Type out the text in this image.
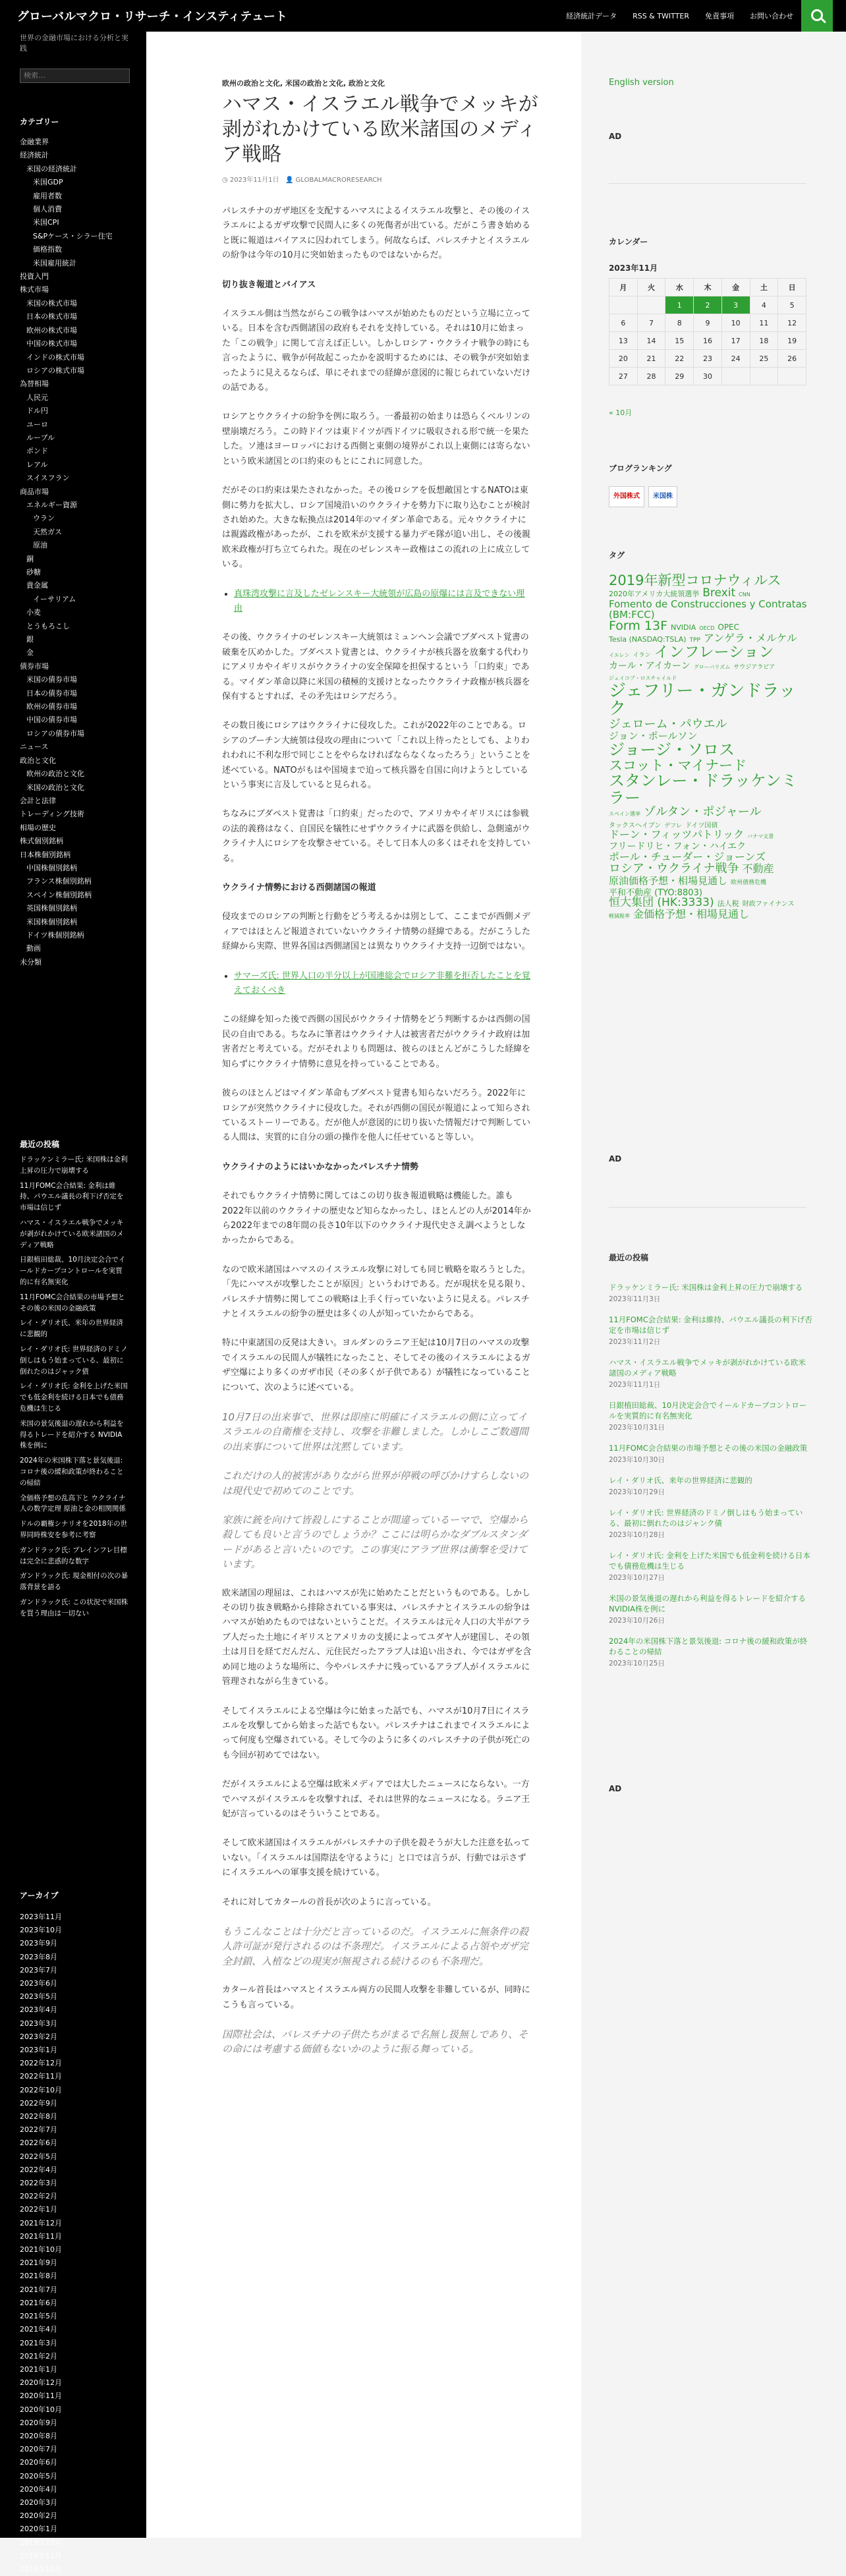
グローバルマクロ・リサーチ・インスティテュート	経済統計データ RSS & TWITTER 免責事項 お問い合わせ
世界の金融市場における分析と実践
検索…
カテゴリー
金融業界
経済統計
米国の経済統計
米国GDP
雇用者数
個人消費
米国CPI
S&Pケース・シラー住宅
価格指数
米国雇用統計
投資入門
株式市場
米国の株式市場
日本の株式市場
欧州の株式市場
中国の株式市場
インドの株式市場
ロシアの株式市場
為替相場
人民元
ドル円
ユーロ
ルーブル
ポンド
レアル
スイスフラン
商品市場
エネルギー資源
ウラン
天然ガス
原油
銅
砂糖
貴金属
イーサリアム
小麦
とうもろこし
銀
金
債券市場
米国の債券市場
日本の債券市場
欧州の債券市場
中国の債券市場
ロシアの債券市場
ニュース
政治と文化
欧州の政治と文化
米国の政治と文化
会計と法律
トレーディング技術
相場の歴史
株式個別銘柄
日本株個別銘柄
中国株個別銘柄
フランス株個別銘柄
スペイン株個別銘柄
英国株個別銘柄
米国株個別銘柄
ドイツ株個別銘柄
動画
未分類
最近の投稿
ドラッケンミラー氏: 米国株は金利上昇の圧力で崩壊する
11月FOMC会合結果: 金利は維持、パウエル議長の利下げ否定を市場は信じず
ハマス・イスラエル戦争でメッキが剥がれかけている欧米諸国のメディア戦略
日銀植田総裁、10月決定会合でイールドカーブコントロールを実質的に有名無実化
11月FOMC会合結果の市場予想とその後の米国の金融政策
レイ・ダリオ氏、米年の世界経済に悲観的
レイ・ダリオ氏: 世界経済のドミノ倒しはもう始まっている、最初に倒れたのはジャック債
レイ・ダリオ氏: 金利を上げた米国でも低金利を続ける日本でも債務危機は生じる
米国の景気後退の遅れから利益を得るトレードを紹介する NVIDIA株を例に
2024年の米国株下落と景気後退: コロナ後の緩和政策が終わることの帰結
全価格予想の乱高下と ウクライナ人の数学定理 原油と金の相関関係
ドルの覇権シナリオを2018年の世界同時株安を参考に考察
ガンドラック氏: プレインフレ目標は完全に悲惑的な数字
ガンドラック氏: 現金相付の次の暴落背景を語る
ガンドラック氏: この状況で米国株を買う理由は一切ない
アーカイブ
2023年11月
2023年10月
2023年9月
2023年8月
2023年7月
2023年6月
2023年5月
2023年4月
2023年3月
2023年2月
2023年1月
2022年12月
2022年11月
2022年10月
2022年9月
2022年8月
2022年7月
2022年6月
2022年5月
2022年4月
2022年3月
2022年2月
2022年1月
2021年12月
2021年11月
2021年10月
2021年9月
2021年8月
2021年7月
2021年6月
2021年5月
2021年4月
2021年3月
2021年2月
2021年1月
2020年12月
2020年11月
2020年10月
2020年9月
2020年8月
2020年7月
2020年6月
2020年5月
2020年4月
2020年3月
2020年2月
2020年1月
2019年12月
2019年11月
2019年10月
欧州の政治と文化, 米国の政治と文化, 政治と文化
ハマス・イスラエル戦争でメッキが剥がれかけている欧米諸国のメディア戦略
◷ 2023年11月1日 👤 GLOBALMACRORESEARCH

パレスチナのガザ地区を支配するハマスによるイスラエル攻撃と、その後のイスラエルによるガザ攻撃で民間人に多くの死傷者が出ている。だがこう書き始めると既に報道はバイアスに囚われてしまう。何故ならば、パレスチナとイスラエルの紛争は今年の10月に突如始まったものではないからだ。

切り抜き報道とバイアス

イスラエル側は当然ながらこの戦争はハマスが始めたものだという立場に立っている。日本を含む西側諸国の政府もそれを支持している。それは10月に始まった「この戦争」に関して言えば正しい。しかしロシア・ウクライナ戦争の時にも言ったように、戦争が何故起こったかを説明するためには、その戦争が突如始まったように見えるならば、単にそれまでの経緯が意図的に報じられていないだけの話である。

ロシアとウクライナの紛争を例に取ろう。一番最初の始まりは恐らくベルリンの壁崩壊だろう。この時ドイツは東ドイツが西ドイツに吸収される形で統一を果たした。ソ連はヨーロッパにおける西側と東側の境界がこれ以上東側には寄らないという欧米諸国との口約束のもとにこれに同意した。

だがその口約束は果たされなかった。その後ロシアを仮想敵国とするNATOは東側に勢力を拡大し、ロシア国境沿いのウクライナを勢力下に取り込むことが検討され始めた。大きな転換点は2014年のマイダン革命である。元々ウクライナには親露政権があったが、これを欧米が支援する暴力デモ隊が追い出し、その後親欧米政権が打ち立てられた。現在のゼレンスキー政権はこの流れの上に成立している。

• 真珠湾攻撃に言及したゼレンスキー大統領が広島の原爆には言及できない理由

その後、ウクライナのゼレンスキー大統領はミュンヘン会議でブダペスト覚書の破棄を仄めかした。ブダペスト覚書とは、ウクライナが核兵器を放棄する代わりにアメリカやイギリスがウクライナの安全保障を担保するという「口約束」である。マイダン革命以降に米国の積極的支援けとなったウクライナ政権が核兵器を保有するとすれば、その矛先はロシアだろう。

その数日後にロシアはウクライナに侵攻した。これが2022年のことである。ロシアのプーチン大統領は侵攻の理由について「これ以上待ったとしても、よりわれわれに不利な形で同じことをやらなければならなくなったろう」ということを述べている。NATOがもはや国境まで迫って核兵器を自国に向けようとしているという事実に言及していると見られる。

ちなみにブダペスト覚書は「口約束」だったので、アメリカやイギリスには参戦の法的義務はなく、自国民を犠牲にせずウクライナに武器を供給し、急側遠がウクライナ人にロシアを攻撃させている。そして日本人の多くはそれを支持している。

ウクライナ情勢における西側諸国の報道

侵攻までのロシアの判断と行動をどう考えるかは別として、ここまでが西側メディアではほとんど報道されていないウクライナ情勢の経緯である。だがこうした経緯から実際、世界各国は西側諸国とは異なりウクライナ支持一辺倒ではない。

• サマーズ氏: 世界人口の半分以上が国連総会でロシア非難を拒否したことを覚えておくべき

この経緯を知った後で西側の国民がウクライナ情勢をどう判断するかは西側の国民の自由である。ちなみに筆者はウクライナ人は被害者だがウクライナ政府は加害者だと考えている。だがそれよりも問題は、彼らのほとんどがこうした経緯を知らずにウクライナ情勢に意見を持っていることである。

彼らのほとんどはマイダン革命もブダペスト覚書も知らないだろう。2022年にロシアが突然ウクライナに侵攻した。それが西側の国民が報道によって知らされているストーリーである。だが他人が意図的に切り抜いた情報だけで判断している人間は、実質的に自分の頭の操作を他人に任せていると等しい。

ウクライナのようにはいかなかったパレスチナ情勢

それでもウクライナ情勢に関してはこの切り抜き報道戦略は機能した。誰も2022年以前のウクライナの歴史など知らなかったし、ほとんどの人が2014年から2022年までの8年間の長さ10年以下のウクライナ現代史さえ調べようとしなかったからである。

なので欧米諸国はハマスのイスラエル攻撃に対しても同じ戦略を取ろうとした。「先にハマスが攻撃したことが原因」というわけである。だが現状を見る限り、パレスチナ情勢に関してこの戦略は上手く行っていないように見える。パレスチナとイスラエルの紛争の歴史は多くの人が知っていたからである。

特に中東諸国の反発は大きい。ヨルダンのラニア王妃は10月7日のハマスの攻撃でイスラエルの民間人が犠牲になったこと、そしてその後のイスラエルによるガザ空爆により多くのガザ市民（その多くが子供である）が犠牲になっていることについて、次のように述べている。

10月7日の出来事で、世界は即座に明確にイスラエルの側に立ってイスラエルの自衛権を支持し、攻撃を非難しました。しかしこご数週間の出来事について世界は沈黙しています。

これだけの人的被害がありながら世界が停戦の呼びかけすらしないのは現代史で初めてのことです。

家族に銃を向けて皆殺しにすることが間違っているーマで、空爆から殺しても良いと言うのでしょうか？ここには明らかなダブルスタンダードがあると言いたいのです。この事実にアラブ世界は衝撃を受けています。

欧米諸国の理屈は、これはハマスが先に始めたことだというものである。しかしその切り抜き戦略から排除されている事実は、パレスチナとイスラエルの紛争はハマスが始めたものではないということだ。イスラエルは元々人口の大半がアラブ人だった土地にイギリスとアメリカの支援によってユダヤ人が建国し、その領土は月日を経てだんだん、元住民だったアラブ人は追い出され、今ではガザを含め同じ地のような場所に、今やパレスチナに残っているアラブ人がイスラエルに管理されながら生きている。

そしてイスラエルによる空爆は今に始まった話でも、ハマスが10月7日にイスラエルを攻撃してから始まった話でもない。パレスチナはこれまでイスラエルによって何度も空爆されている。そして今のように多くのパレスチナの子供が死亡のも今回が初めてではない。

だがイスラエルによる空爆は欧米メディアでは大したニュースにならない。一方でハマスがイスラエルを攻撃すれば、それは世界的なニュースになる。ラニア王妃が言っているのはそういうことである。

そして欧米諸国はイスラエルがパレスチナの子供を殺そうが大した注意を払っていない。「イスラエルは国際法を守るように」と口では言うが、行動では示さずにイスラエルへの軍事支援を続けている。

それに対してカタールの首長が次のように言っている。

もうこんなことは十分だと言っているのだ。イスラエルに無条件の殺人許可証が発行されるのは不条理だ。イスラエルによる占領やガザ完全封鎖、入植などの現実が無視される続けるのも不条理だ。

カタール首長はハマスとイスラエル両方の民間人攻撃を非難しているが、同時にこうも言っている。

国際社会は、パレスチナの子供たちがまるで名無し扱無しであり、その命には考慮する価値もないかのように振る舞っている。

English version
AD
カレンダー
2023年11月
月	火	水	木	金	土	日
		1	2	3	4	5
6	7	8	9	10	11	12
13	14	15	16	17	18	19
20	21	22	23	24	25	26
27	28	29	30			
« 10月
ブログランキング
外国株式	米国株
タグ
2019年新型コロナウィルス2020年アメリカ大統領選挙 Brexit CNNFomento de Construcciones y Contratas (BM:FCC)Form 13F NVIDIA OECD OPECTesla (NASDAQ:TSLA) TPP アンゲラ・メルケルイエレン イラン インフレーションカール・アイカーン グローバリズム サウジアラビアジェイコブ・ロスチャイルドジェフリー・ガンドラックジェローム・パウエルジョン・ポールソンジョージ・ソロススコット・マイナードスタンレー・ドラッケンミラースペイン選挙 ゾルタン・ポジャールタックスヘイブン デフレ ドイツ国債ドーン・フィッツパトリック バナマ文書フリードリヒ・フォン・ハイエクポール・チューダー・ジョーンズロシア・ウクライナ戦争 不動産原油価格予想・相場見通し 欧州債務危機平和不動産 (TYO:8803)恒大集団 (HK:3333) 法人税 財政ファイナンス軽減税率 金価格予想・相場見通し
AD
最近の投稿
ドラッケンミラー氏: 米国株は金利上昇の圧力で崩壊する
2023年11月3日
11月FOMC会合結果: 金利は維持、パウエル議長の利下げ否定を市場は信じず
2023年11月2日
ハマス・イスラエル戦争でメッキが剥がれかけている欧米諸国のメディア戦略
2023年11月1日
日銀植田総裁、10月決定会合でイールドカーブコントロールを実質的に有名無実化
2023年10月31日
11月FOMC会合結果の市場予想とその後の米国の金融政策
2023年10月30日
レイ・ダリオ氏、来年の世界経済に悲観的
2023年10月29日
レイ・ダリオ氏: 世界経済のドミノ倒しはもう始まっている、最初に倒れたのはジャンク債
2023年10月28日
レイ・ダリオ氏: 金利を上げた米国でも低金利を続ける日本でも債務危機は生じる
2023年10月27日
米国の景気後退の遅れから利益を得るトレードを紹介する NVIDIA株を例に
2023年10月26日
2024年の米国株下落と景気後退: コロナ後の緩和政策が終わることの帰結
2023年10月25日
AD
